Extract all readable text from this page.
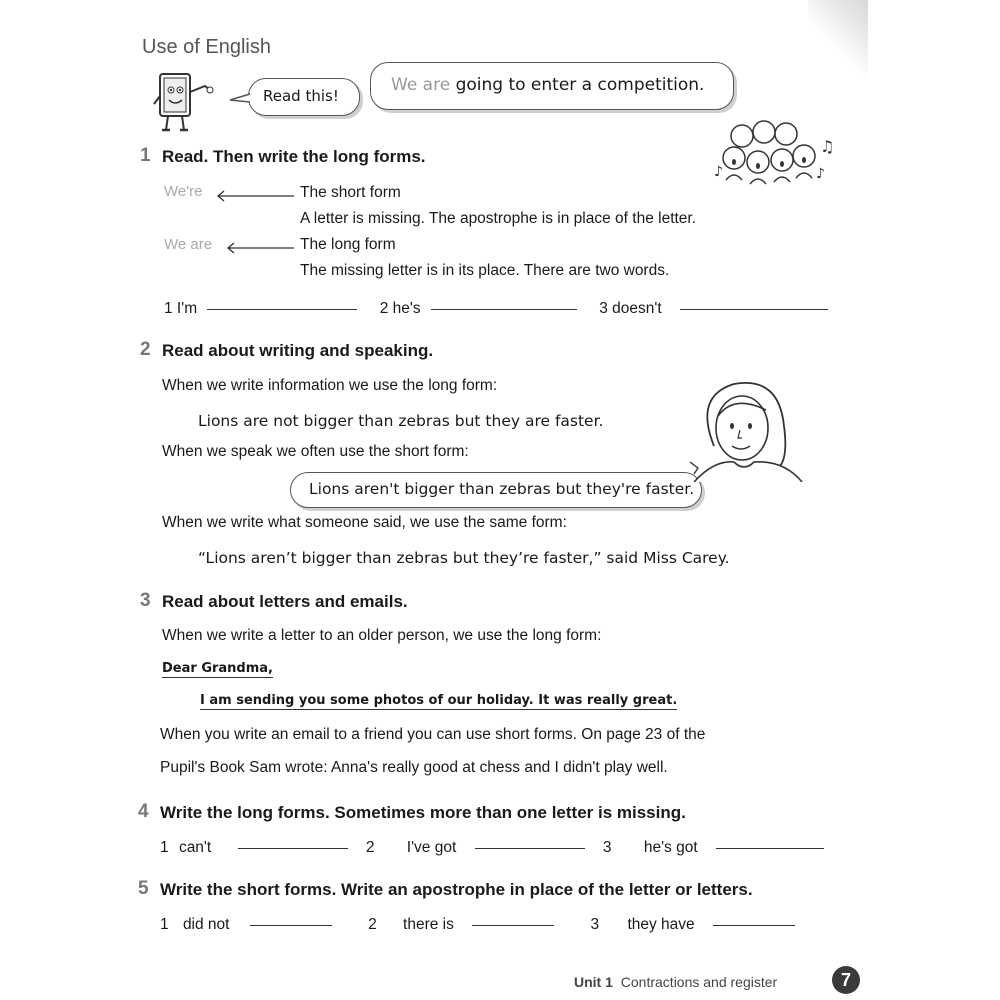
Use of English
Read this!
We are going to enter a competition.
♪
♫
♪
1 Read. Then write the long forms.
We're	The short form
A letter is missing. The apostrophe is in place of the letter.
We are	The long form
The missing letter is in its place. There are two words.
1 I'm	2 he's	3 doesn't
2 Read about writing and speaking.
When we write information we use the long form:
Lions are not bigger than zebras but they are faster.
When we speak we often use the short form:
Lions aren't bigger than zebras but they're faster.
When we write what someone said, we use the same form:
“Lions aren’t bigger than zebras but they’re faster,” said Miss Carey.
3 Read about letters and emails.
When we write a letter to an older person, we use the long form:
Dear Grandma,
I am sending you some photos of our holiday. It was really great.
When you write an email to a friend you can use short forms. On page 23 of the
Pupil's Book Sam wrote: Anna's really good at chess and I didn't play well.
4 Write the long forms. Sometimes more than one letter is missing.
1 can't	2 I've got	3 he's got
5 Write the short forms. Write an apostrophe in place of the letter or letters.
1 did not	2 there is	3 they have
Unit 1 Contractions and register	7
